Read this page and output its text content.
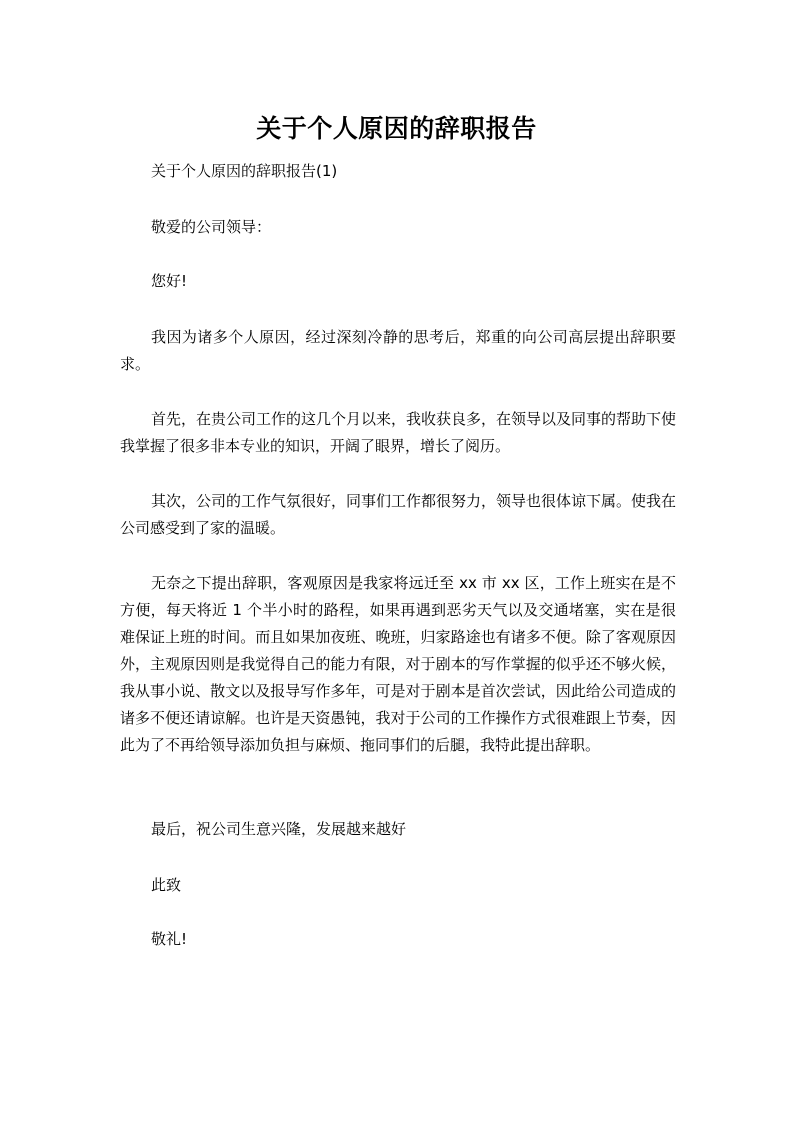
关于个人原因的辞职报告

关于个人原因的辞职报告(1)

敬爱的公司领导：

您好!

我因为诸多个人原因，经过深刻冷静的思考后，郑重的向公司高层提出辞职要求。

首先，在贵公司工作的这几个月以来，我收获良多，在领导以及同事的帮助下使我掌握了很多非本专业的知识，开阔了眼界，增长了阅历。

其次，公司的工作气氛很好，同事们工作都很努力，领导也很体谅下属。使我在公司感受到了家的温暖。

无奈之下提出辞职，客观原因是我家将远迁至 xx 市 xx 区，工作上班实在是不方便，每天将近 1 个半小时的路程，如果再遇到恶劣天气以及交通堵塞，实在是很难保证上班的时间。而且如果加夜班、晚班，归家路途也有诸多不便。除了客观原因外，主观原因则是我觉得自己的能力有限，对于剧本的写作掌握的似乎还不够火候，我从事小说、散文以及报导写作多年，可是对于剧本是首次尝试，因此给公司造成的诸多不便还请谅解。也许是天资愚钝，我对于公司的工作操作方式很难跟上节奏，因此为了不再给领导添加负担与麻烦、拖同事们的后腿，我特此提出辞职。

最后，祝公司生意兴隆，发展越来越好

此致

敬礼!
